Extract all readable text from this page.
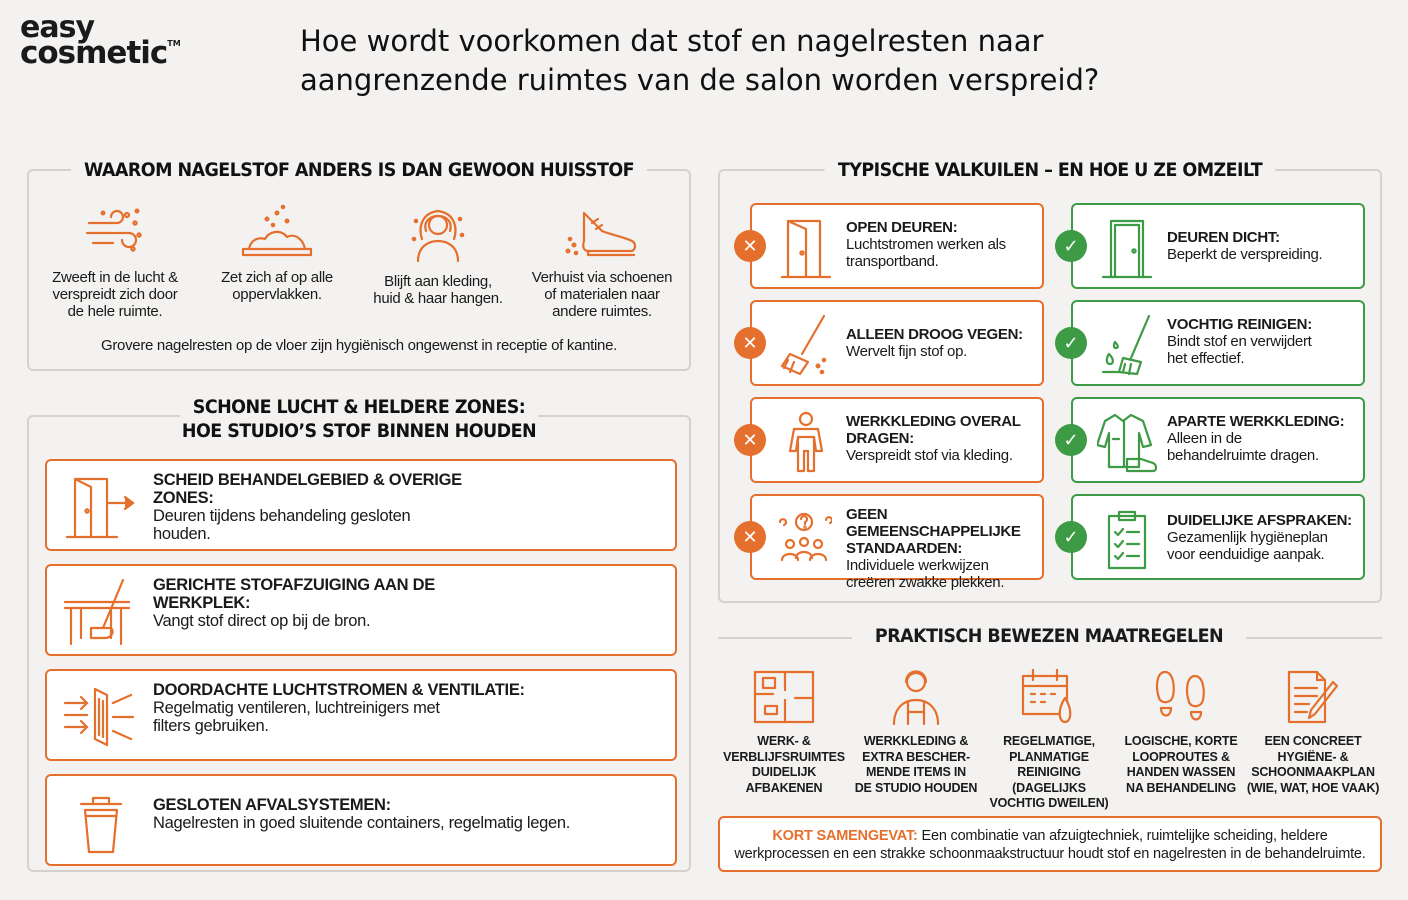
easy
cosmetic™	Hoe wordt voorkomen dat stof en nagelresten naar
aangrenzende ruimtes van de salon worden verspreid?
WAAROM NAGELSTOF ANDERS IS DAN GEWOON HUISSTOF
Zweeft in de lucht &
verspreidt zich door
de hele ruimte.
Zet zich af op alle
oppervlakken.
Blijft aan kleding,
huid & haar hangen.
Verhuist via schoenen
of materialen naar
andere ruimtes.
Grovere nagelresten op de vloer zijn hygiënisch ongewenst in receptie of kantine.
SCHONE LUCHT & HELDERE ZONES:
HOE STUDIO’S STOF BINNEN HOUDEN
SCHEID BEHANDELGEBIED & OVERIGE
ZONES:
Deuren tijdens behandeling gesloten
houden.
GERICHTE STOFAFZUIGING AAN DE
WERKPLEK:
Vangt stof direct op bij de bron.
DOORDACHTE LUCHTSTROMEN & VENTILATIE:
Regelmatig ventileren, luchtreinigers met
filters gebruiken.
GESLOTEN AFVALSYSTEMEN:
Nagelresten in goed sluitende containers, regelmatig legen.
TYPISCHE VALKUILEN – EN HOE U ZE OMZEILT
✕
OPEN DEUREN:
Luchtstromen werken als
transportband.
✕	ALLEEN DROOG VEGEN:
Wervelt fijn stof op.
✕
WERKKLEDING OVERAL
DRAGEN:
Verspreidt stof via kleding.
✕
GEEN GEMEENSCHAPPELIJKE
STANDAARDEN:
Individuele werkwijzen
creëren zwakke plekken.
✓	DEUREN DICHT:
Beperkt de verspreiding.
✓
VOCHTIG REINIGEN:
Bindt stof en verwijdert
het effectief.
✓
APARTE WERKKLEDING:
Alleen in de
behandelruimte dragen.
✓
DUIDELIJKE AFSPRAKEN:
Gezamenlijk hygiëneplan
voor eenduidige aanpak.
PRAKTISCH BEWEZEN MAATREGELEN
WERK- &
VERBLIJFSRUIMTES
DUIDELIJK
AFBAKENEN
WERKKLEDING &
EXTRA BESCHER-
MENDE ITEMS IN
DE STUDIO HOUDEN
REGELMATIGE,
PLANMATIGE
REINIGING (DAGELIJKS
VOCHTIG DWEILEN)
LOGISCHE, KORTE
LOOPROUTES &
HANDEN WASSEN
NA BEHANDELING
EEN CONCREET
HYGIËNE- &
SCHOONMAAKPLAN
(WIE, WAT, HOE VAAK)
KORT SAMENGEVAT: Een combinatie van afzuigtechniek, ruimtelijke scheiding, heldere
werkprocessen en een strakke schoonmaakstructuur houdt stof en nagelresten in de behandelruimte.
